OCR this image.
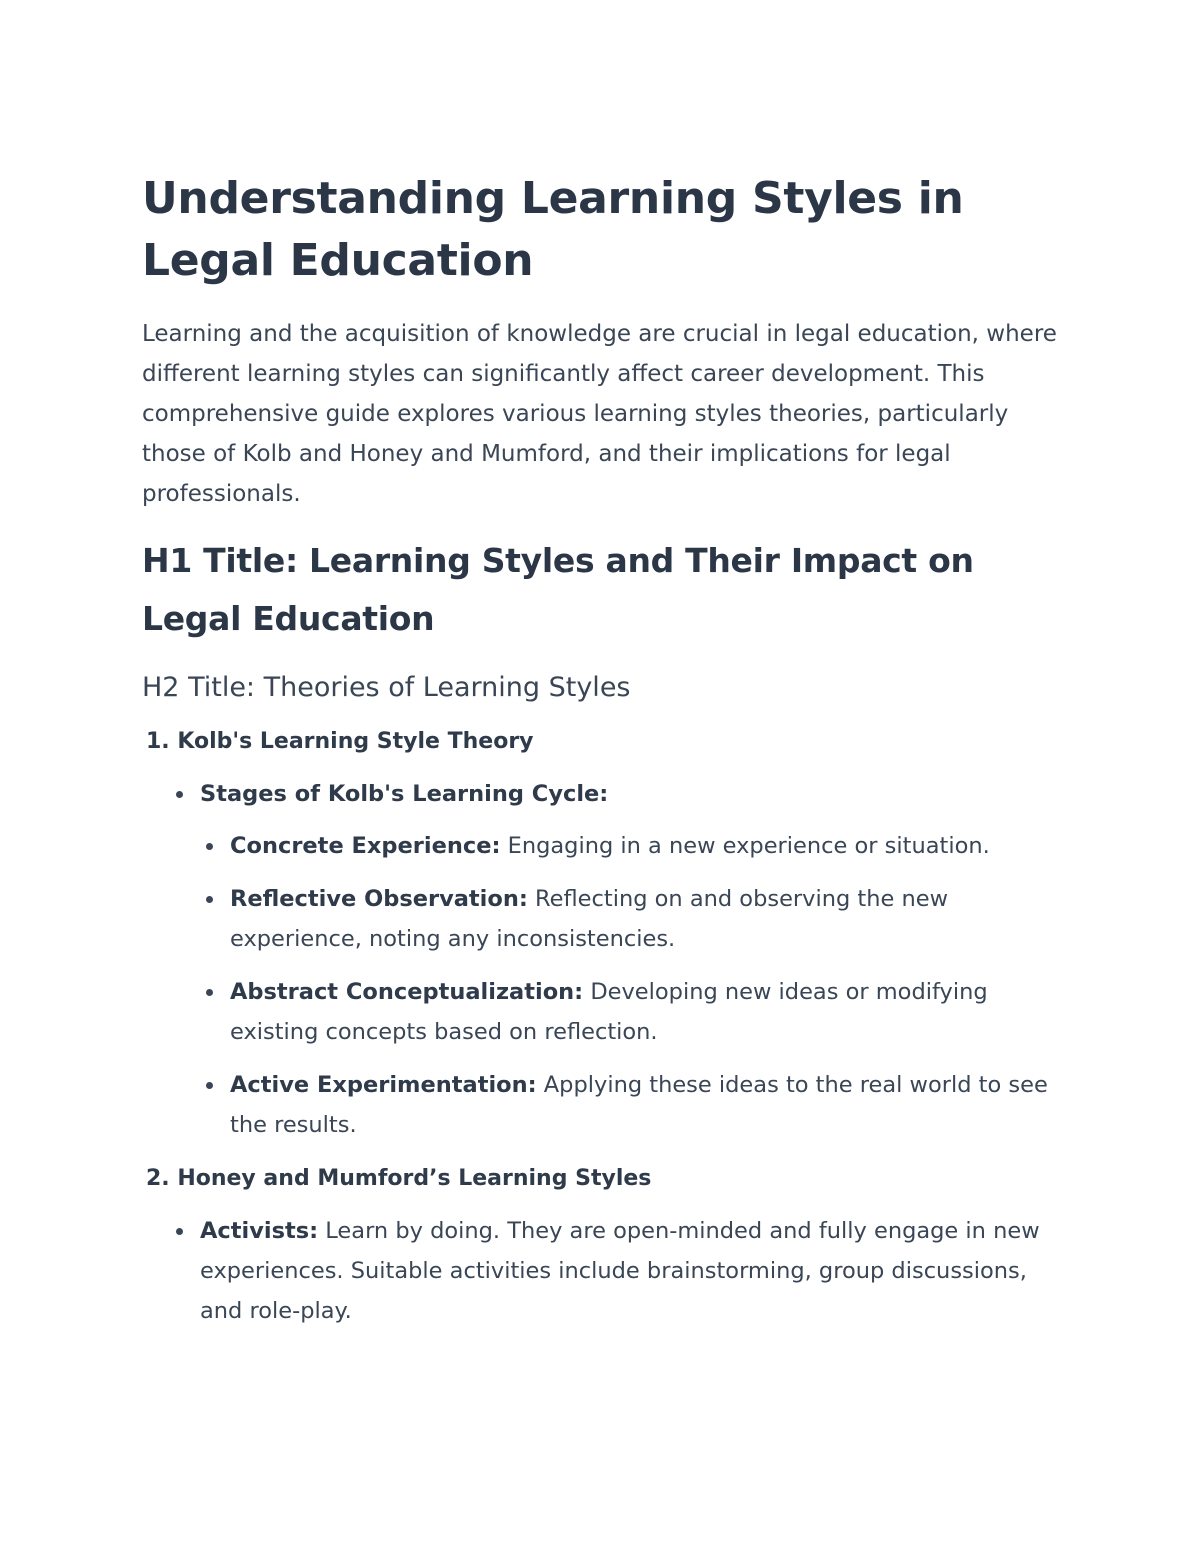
Understanding Learning Styles in Legal Education

Learning and the acquisition of knowledge are crucial in legal education, where different learning styles can significantly affect career development. This comprehensive guide explores various learning styles theories, particularly those of Kolb and Honey and Mumford, and their implications for legal professionals.

H1 Title: Learning Styles and Their Impact on Legal Education
H2 Title: Theories of Learning Styles
1. Kolb's Learning Style Theory
Stages of Kolb's Learning Cycle:
Concrete Experience: Engaging in a new experience or situation.
Reflective Observation: Reflecting on and observing the new experience, noting any inconsistencies.
Abstract Conceptualization: Developing new ideas or modifying existing concepts based on reflection.
Active Experimentation: Applying these ideas to the real world to see the results.
2. Honey and Mumford’s Learning Styles
Activists: Learn by doing. They are open-minded and fully engage in new experiences. Suitable activities include brainstorming, group discussions, and role-play.
